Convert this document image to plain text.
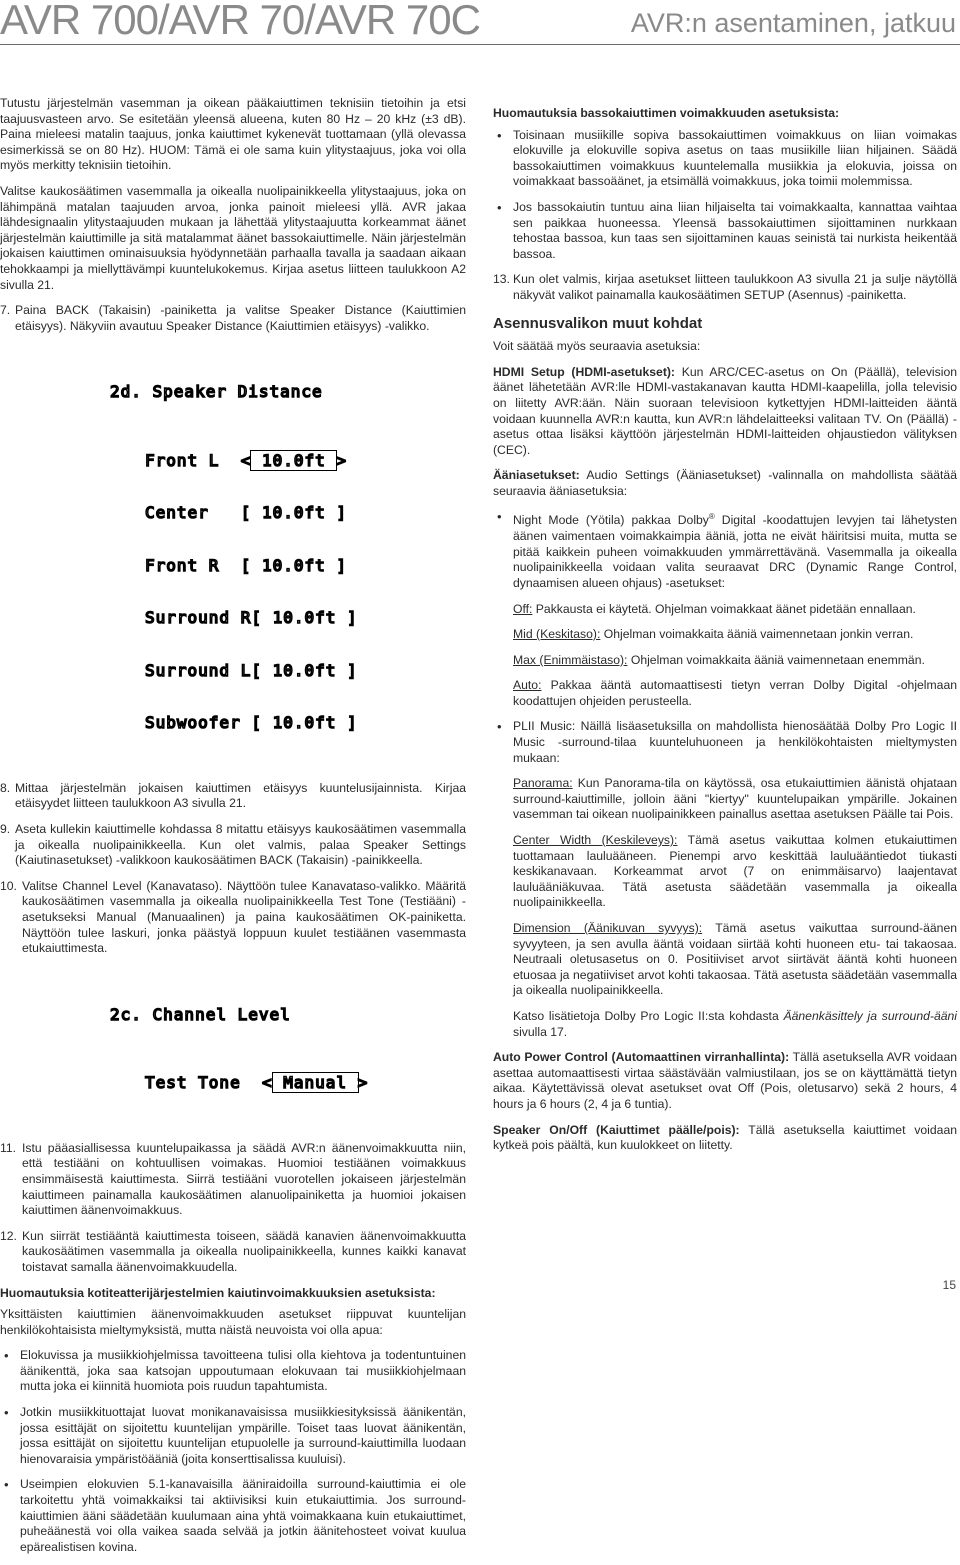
AVR 700/AVR 70/AVR 70C	AVR:n asentaminen, jatkuu

Tutustu järjestelmän vasemman ja oikean pääkaiuttimen teknisiin tietoihin ja etsi taajuusvasteen arvo. Se esitetään yleensä alueena, kuten 80 Hz – 20 kHz (±3 dB). Paina mieleesi matalin taajuus, jonka kaiuttimet kykenevät tuottamaan (yllä olevassa esimerkissä se on 80 Hz). HUOM: Tämä ei ole sama kuin ylitystaajuus, joka voi olla myös merkitty teknisiin tietoihin.

Valitse kaukosäätimen vasemmalla ja oikealla nuolipainikkeella ylitystaajuus, joka on lähimpänä matalan taajuuden arvoa, jonka painoit mieleesi yllä. AVR jakaa lähdesignaalin ylitystaajuuden mukaan ja lähettää ylitystaajuutta korkeammat äänet järjestelmän kaiuttimille ja sitä matalammat äänet bassokaiuttimelle. Näin järjestelmän jokaisen kaiuttimen ominaisuuksia hyödynnetään parhaalla tavalla ja saadaan aikaan tehokkaampi ja miellyttävämpi kuuntelukokemus. Kirjaa asetus liitteen taulukkoon A2 sivulla 21.

7. Paina BACK (Takaisin) -painiketta ja valitse Speaker Distance (Kaiuttimien etäisyys). Näkyviin avautuu Speaker Distance (Kaiuttimien etäisyys) -valikko.

2d. Speaker Distance

Front L  < 10.0ft >

Center   [ 10.0ft ]

Front R  [ 10.0ft ]

Surround R[ 10.0ft ]

Surround L[ 10.0ft ]

Subwoofer [ 10.0ft ]

8. Mittaa järjestelmän jokaisen kaiuttimen etäisyys kuuntelusijainnista. Kirjaa etäisyydet liitteen taulukkoon A3 sivulla 21.
9. Aseta kullekin kaiuttimelle kohdassa 8 mitattu etäisyys kaukosäätimen vasemmalla ja oikealla nuolipainikkeella. Kun olet valmis, palaa Speaker Settings (Kaiutinasetukset) -valikkoon kaukosäätimen BACK (Takaisin) -painikkeella.
10. Valitse Channel Level (Kanavataso). Näyttöön tulee Kanavataso-valikko. Määritä kaukosäätimen vasemmalla ja oikealla nuolipainikkeella Test Tone (Testiääni) -asetukseksi Manual (Manuaalinen) ja paina kaukosäätimen OK-painiketta. Näyttöön tulee laskuri, jonka päästyä loppuun kuulet testiäänen vasemmasta etukaiuttimesta.

2c. Channel Level

Test Tone  < Manual >

11. Istu pääasiallisessa kuuntelupaikassa ja säädä AVR:n äänenvoimakkuutta niin, että testiääni on kohtuullisen voimakas. Huomioi testiäänen voimakkuus ensimmäisestä kaiuttimesta. Siirrä testiääni vuorotellen jokaiseen järjestelmän kaiuttimeen painamalla kaukosäätimen alanuolipainiketta ja huomioi jokaisen kaiuttimen äänenvoimakkuus.
12. Kun siirrät testiääntä kaiuttimesta toiseen, säädä kanavien äänenvoimakkuutta kaukosäätimen vasemmalla ja oikealla nuolipainikkeella, kunnes kaikki kanavat toistavat samalla äänenvoimakkuudella.

Huomautuksia kotiteatterijärjestelmien kaiutinvoimakkuuksien asetuksista:

Yksittäisten kaiuttimien äänenvoimakkuuden asetukset riippuvat kuuntelijan henkilökohtaisista mieltymyksistä, mutta näistä neuvoista voi olla apua:

• Elokuvissa ja musiikkiohjelmissa tavoitteena tulisi olla kiehtova ja todentuntuinen äänikenttä, joka saa katsojan uppoutumaan elokuvaan tai musiikkiohjelmaan mutta joka ei kiinnitä huomiota pois ruudun tapahtumista.
• Jotkin musiikkituottajat luovat monikanavaisissa musiikkiesityksissä äänikentän, jossa esittäjät on sijoitettu kuuntelijan ympärille. Toiset taas luovat äänikentän, jossa esittäjät on sijoitettu kuuntelijan etupuolelle ja surround-kaiuttimilla luodaan hienovaraisia ympäristöääniä (joita konserttisalissa kuuluisi).
• Useimpien elokuvien 5.1-kanavaisilla ääniraidoilla surround-kaiuttimia ei ole tarkoitettu yhtä voimakkaiksi tai aktiivisiksi kuin etukaiuttimia. Jos surround-kaiuttimien ääni säädetään kuulumaan aina yhtä voimakkaana kuin etukaiuttimet, puheäänestä voi olla vaikea saada selvää ja jotkin äänitehosteet voivat kuulua epärealistisen kovina.

Huomautuksia bassokaiuttimen voimakkuuden asetuksista:

• Toisinaan musiikille sopiva bassokaiuttimen voimakkuus on liian voimakas elokuville ja elokuville sopiva asetus on taas musiikille liian hiljainen. Säädä bassokaiuttimen voimakkuus kuuntelemalla musiikkia ja elokuvia, joissa on voimakkaat bassoäänet, ja etsimällä voimakkuus, joka toimii molemmissa.
• Jos bassokaiutin tuntuu aina liian hiljaiselta tai voimakkaalta, kannattaa vaihtaa sen paikkaa huoneessa. Yleensä bassokaiuttimen sijoittaminen nurkkaan tehostaa bassoa, kun taas sen sijoittaminen kauas seinistä tai nurkista heikentää bassoa.
13. Kun olet valmis, kirjaa asetukset liitteen taulukkoon A3 sivulla 21 ja sulje näytöllä näkyvät valikot painamalla kaukosäätimen SETUP (Asennus) -painiketta.
Asennusvalikon muut kohdat

Voit säätää myös seuraavia asetuksia:

HDMI Setup (HDMI-asetukset): Kun ARC/CEC-asetus on On (Päällä), television äänet lähetetään AVR:lle HDMI-vastakanavan kautta HDMI-kaapelilla, jolla televisio on liitetty AVR:ään. Näin suoraan televisioon kytkettyjen HDMI-laitteiden ääntä voidaan kuunnella AVR:n kautta, kun AVR:n lähdelaitteeksi valitaan TV. On (Päällä) -asetus ottaa lisäksi käyttöön järjestelmän HDMI-laitteiden ohjaustiedon välityksen (CEC).

Ääniasetukset: Audio Settings (Ääniasetukset) -valinnalla on mahdollista säätää seuraavia ääniasetuksia:

• Night Mode (Yötila) pakkaa Dolby® Digital -koodattujen levyjen tai lähetysten äänen vaimentaen voimakkaimpia ääniä, jotta ne eivät häiritsisi muita, mutta se pitää kaikkein puheen voimakkuuden ymmärrettävänä. Vasemmalla ja oikealla nuolipainikkeella voidaan valita seuraavat DRC (Dynamic Range Control, dynaamisen alueen ohjaus) -asetukset:
Off: Pakkausta ei käytetä. Ohjelman voimakkaat äänet pidetään ennallaan.
Mid (Keskitaso): Ohjelman voimakkaita ääniä vaimennetaan jonkin verran.
Max (Enimmäistaso): Ohjelman voimakkaita ääniä vaimennetaan enemmän.
Auto: Pakkaa ääntä automaattisesti tietyn verran Dolby Digital -ohjelmaan koodattujen ohjeiden perusteella.
• PLII Music: Näillä lisäasetuksilla on mahdollista hienosäätää Dolby Pro Logic II Music -surround-tilaa kuunteluhuoneen ja henkilökohtaisten mieltymysten mukaan:
Panorama: Kun Panorama-tila on käytössä, osa etukaiuttimien äänistä ohjataan surround-kaiuttimille, jolloin ääni "kiertyy" kuuntelupaikan ympärille. Jokainen vasemman tai oikean nuolipainikkeen painallus asettaa asetuksen Päälle tai Pois.
Center Width (Keskileveys): Tämä asetus vaikuttaa kolmen etukaiuttimen tuottamaan lauluääneen. Pienempi arvo keskittää lauluääntiedot tiukasti keskikanavaan. Korkeammat arvot (7 on enimmäisarvo) laajentavat lauluääniäkuvaa. Tätä asetusta säädetään vasemmalla ja oikealla nuolipainikkeella.
Dimension (Äänikuvan syvyys): Tämä asetus vaikuttaa surround-äänen syvyyteen, ja sen avulla ääntä voidaan siirtää kohti huoneen etu- tai takaosaa. Neutraali oletusasetus on 0. Positiiviset arvot siirtävät ääntä kohti huoneen etuosaa ja negatiiviset arvot kohti takaosaa. Tätä asetusta säädetään vasemmalla ja oikealla nuolipainikkeella.
Katso lisätietoja Dolby Pro Logic II:sta kohdasta Äänenkäsittely ja surround-ääni sivulla 17.

Auto Power Control (Automaattinen virranhallinta): Tällä asetuksella AVR voidaan asettaa automaattisesti virtaa säästävään valmiustilaan, jos se on käyttämättä tietyn aikaa. Käytettävissä olevat asetukset ovat Off (Pois, oletusarvo) sekä 2 hours, 4 hours ja 6 hours (2, 4 ja 6 tuntia).

Speaker On/Off (Kaiuttimet päälle/pois): Tällä asetuksella kaiuttimet voidaan kytkeä pois päältä, kun kuulokkeet on liitetty.

15
